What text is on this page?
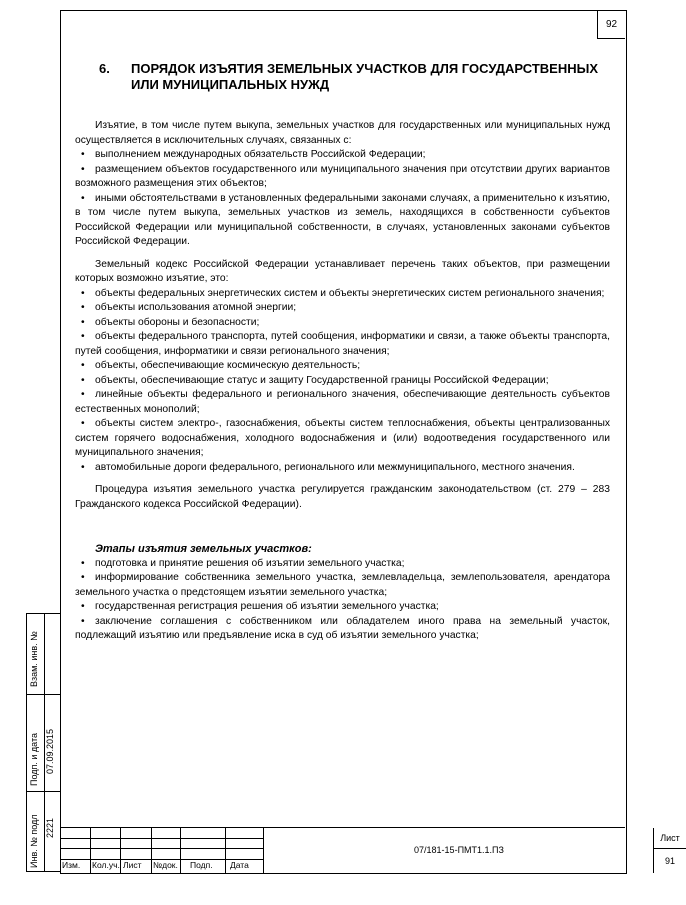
92
Взам. инв. №
Подп. и дата 07.09.2015
Инв. № подл 2221
6.	ПОРЯДОК ИЗЪЯТИЯ ЗЕМЕЛЬНЫХ УЧАСТКОВ ДЛЯ ГОСУДАРСТВЕННЫХ ИЛИ МУНИЦИПАЛЬНЫХ НУЖД

Изъятие, в том числе путем выкупа, земельных участков для государственных или муниципальных нужд осуществляется в исключительных случаях, связанных с:

• выполнением международных обязательств Российской Федерации;

• размещением объектов государственного или муниципального значения при отсутствии других вариантов возможного размещения этих объектов;

• иными обстоятельствами в установленных федеральными законами случаях, а применительно к изъятию, в том числе путем выкупа, земельных участков из земель, находящихся в собственности субъектов Российской Федерации или муниципальной собственности, в случаях, установленных законами субъектов Российской Федерации.

Земельный кодекс Российской Федерации устанавливает перечень таких объектов, при размещении которых возможно изъятие, это:

• объекты федеральных энергетических систем и объекты энергетических систем регионального значения;

• объекты использования атомной энергии;

• объекты обороны и безопасности;

• объекты федерального транспорта, путей сообщения, информатики и связи, а также объекты транспорта, путей сообщения, информатики и связи регионального значения;

• объекты, обеспечивающие космическую деятельность;

• объекты, обеспечивающие статус и защиту Государственной границы Российской Федерации;

• линейные объекты федерального и регионального значения, обеспечивающие деятельность субъектов естественных монополий;

• объекты систем электро-, газоснабжения, объекты систем теплоснабжения, объекты централизованных систем горячего водоснабжения, холодного водоснабжения и (или) водоотведения государственного или муниципального значения;

• автомобильные дороги федерального, регионального или межмуниципального, местного значения.

Процедура изъятия земельного участка регулируется гражданским законодательством (ст. 279 – 283 Гражданского кодекса Российской Федерации).

Этапы изъятия земельных участков:

• подготовка и принятие решения об изъятии земельного участка;

• информирование собственника земельного участка, землевладельца, землепользователя, арендатора земельного участка о предстоящем изъятии земельного участка;

• государственная регистрация решения об изъятии земельного участка;

• заключение соглашения с собственником или обладателем иного права на земельный участок, подлежащий изъятию или предъявление иска в суд об изъятии земельного участка;

Изм. Кол.уч. Лист №док. Подп. Дата
07/181-15-ПМТ1.1.ПЗ
Лист
91
